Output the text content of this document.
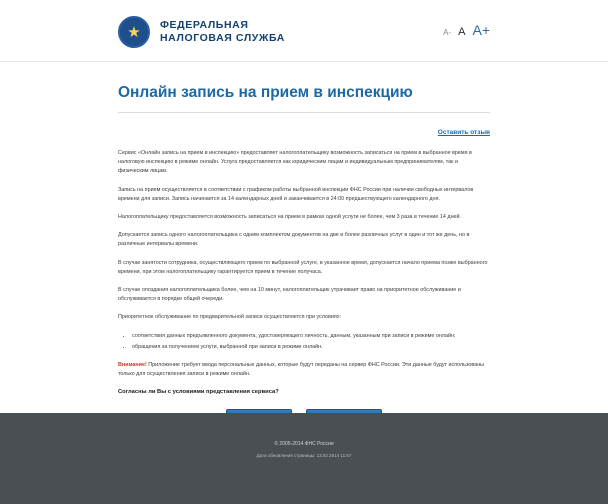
★	ФЕДЕРАЛЬНАЯ
НАЛОГОВАЯ СЛУЖБА	A- A A+
Онлайн запись на прием в инспекцию
Оставить отзыв

Сервис «Онлайн запись на прием в инспекцию» предоставляет налогоплательщику возможность записаться на прием в выбранное время в налоговую инспекцию в режиме онлайн. Услуга предоставляется как юридическим лицам и индивидуальным предпринимателям, так и физическим лицам.

Запись на прием осуществляется в соответствии с графиком работы выбранной инспекции ФНС России при наличии свободных интервалов времени для записи. Запись начинается за 14 календарных дней и заканчивается в 24:00 предшествующего календарного дня.

Налогоплательщику предоставляется возможность записаться на прием в рамках одной услуги не более, чем 3 раза в течение 14 дней.

Допускается запись одного налогоплательщика с одним комплектом документов на две и более различных услуг в один и тот же день, но в различные интервалы времени.

В случае занятости сотрудника, осуществляющего прием по выбранной услуге, в указанное время, допускается начало приема позже выбранного времени, при этом налогоплательщику гарантируется прием в течение получаса.

В случае опоздания налогоплательщика более, чем на 10 минут, налогоплательщик утрачивает право на приоритетное обслуживание и обслуживается в порядке общей очереди.

Приоритетное обслуживание по предварительной записи осуществляется при условиях:

• соответствия данных предъявленного документа, удостоверяющего личность, данным, указанным при записи в режиме онлайн;
• обращения за получением услуги, выбранной при записи в режиме онлайн.

Внимание! Приложение требует ввода персональных данных, которые будут переданы на сервер ФНС России. Эти данные будут использованы только для осуществления записи в режиме онлайн.

Согласны ли Вы с условиями представления сервиса?
© 2005-2014 ФНС России
Дата обновления страницы: 13.02.2014 11:57
